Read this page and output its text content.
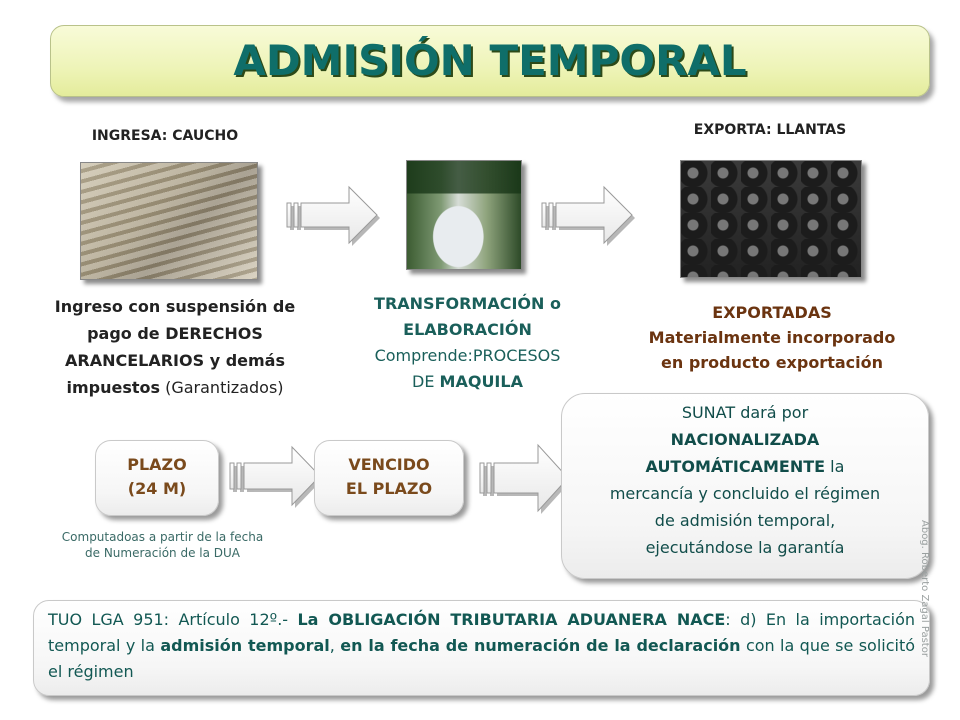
ADMISIÓN TEMPORAL
INGRESA: CAUCHO	EXPORTA: LLANTAS
Ingreso con suspensión de
pago de DERECHOS
ARANCELARIOS y demás
impuestos (Garantizados)
TRANSFORMACIÓN o
ELABORACIÓN
Comprende:PROCESOS
DE MAQUILA
EXPORTADAS
Materialmente incorporado
en producto exportación
PLAZO
(24 M)
VENCIDO
EL PLAZO
Computadoas a partir de la fecha
de Numeración de la DUA
SUNAT dará por
NACIONALIZADA
AUTOMÁTICAMENTE la
mercancía y concluido el régimen
de admisión temporal,
ejecutándose la garantía
TUO LGA 951: Artículo 12º.- La OBLIGACIÓN TRIBUTARIA ADUANERA NACE: d) En la importación temporal y la admisión temporal, en la fecha de numeración de la declaración con la que se solicitó el régimen
Abog. Roberto Zagal Pastor
